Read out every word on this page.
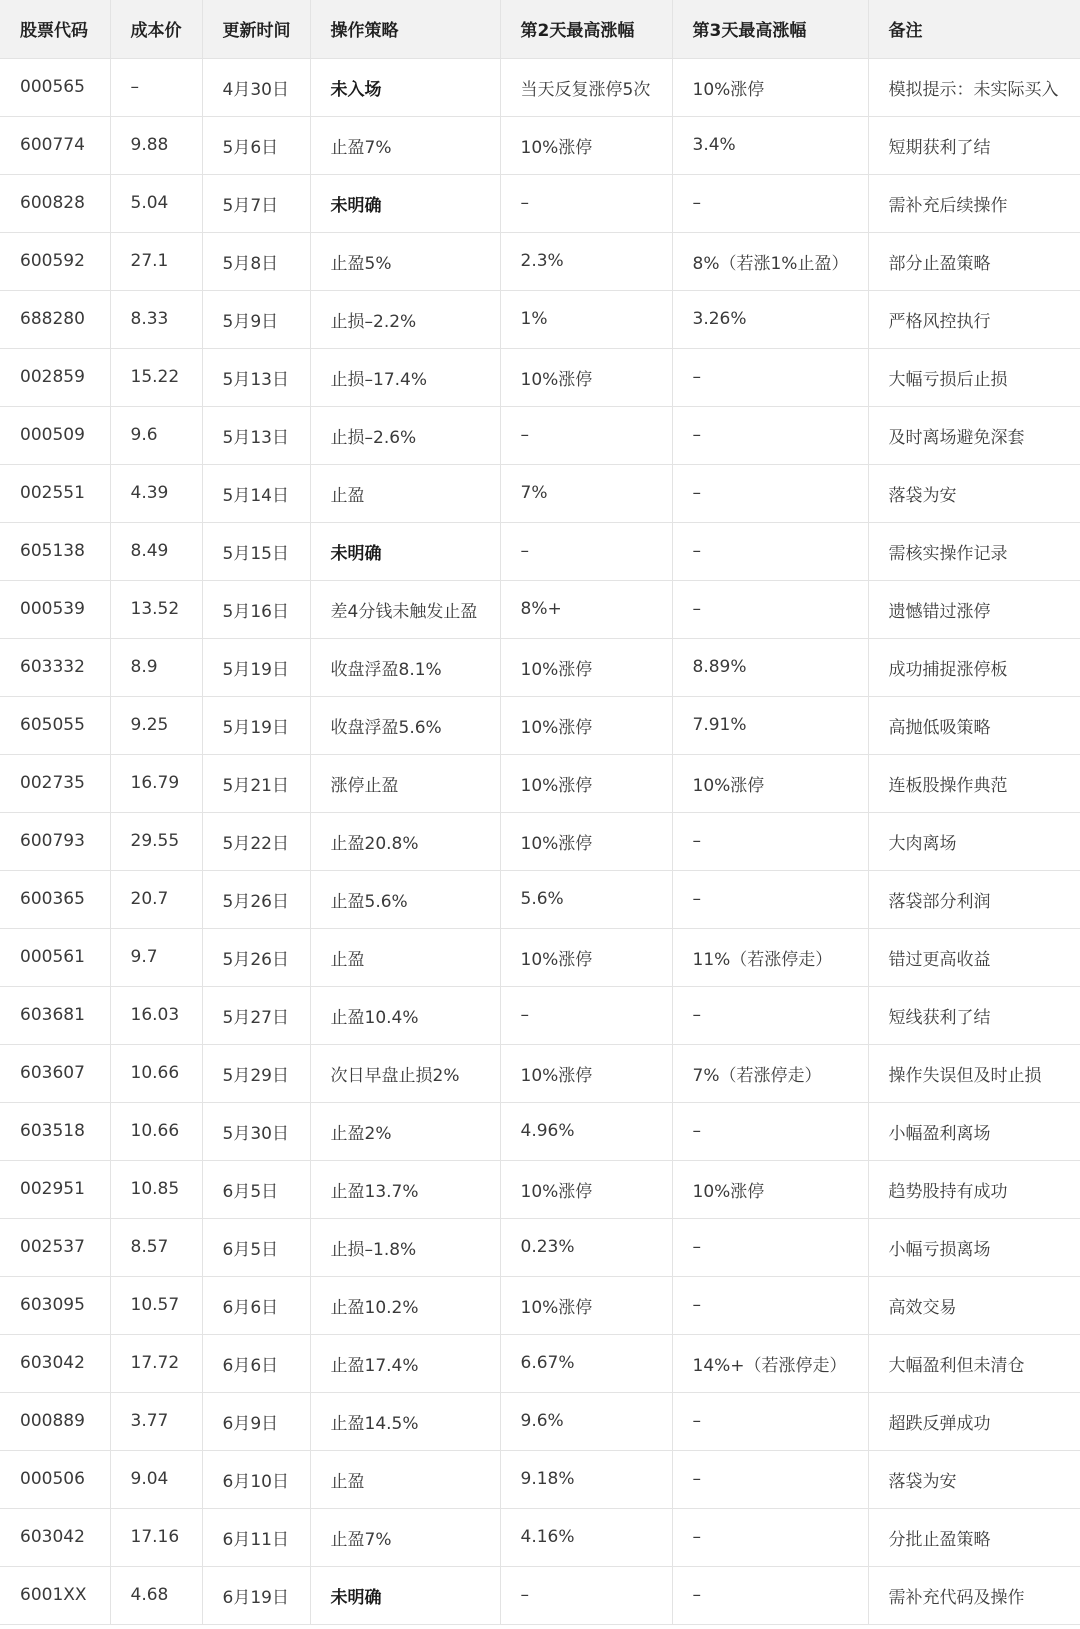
股票代码	成本价	更新时间	操作策略	第2天最高涨幅	第3天最高涨幅	备注
000565	–	4月30日	未入场	当天反复涨停5次	10%涨停	模拟提示：未实际买入
600774	9.88	5月6日	止盈7%	10%涨停	3.4%	短期获利了结
600828	5.04	5月7日	未明确	–	–	需补充后续操作
600592	27.1	5月8日	止盈5%	2.3%	8%（若涨1%止盈）	部分止盈策略
688280	8.33	5月9日	止损–2.2%	1%	3.26%	严格风控执行
002859	15.22	5月13日	止损–17.4%	10%涨停	–	大幅亏损后止损
000509	9.6	5月13日	止损–2.6%	–	–	及时离场避免深套
002551	4.39	5月14日	止盈	7%	–	落袋为安
605138	8.49	5月15日	未明确	–	–	需核实操作记录
000539	13.52	5月16日	差4分钱未触发止盈	8%+	–	遗憾错过涨停
603332	8.9	5月19日	收盘浮盈8.1%	10%涨停	8.89%	成功捕捉涨停板
605055	9.25	5月19日	收盘浮盈5.6%	10%涨停	7.91%	高抛低吸策略
002735	16.79	5月21日	涨停止盈	10%涨停	10%涨停	连板股操作典范
600793	29.55	5月22日	止盈20.8%	10%涨停	–	大肉离场
600365	20.7	5月26日	止盈5.6%	5.6%	–	落袋部分利润
000561	9.7	5月26日	止盈	10%涨停	11%（若涨停走）	错过更高收益
603681	16.03	5月27日	止盈10.4%	–	–	短线获利了结
603607	10.66	5月29日	次日早盘止损2%	10%涨停	7%（若涨停走）	操作失误但及时止损
603518	10.66	5月30日	止盈2%	4.96%	–	小幅盈利离场
002951	10.85	6月5日	止盈13.7%	10%涨停	10%涨停	趋势股持有成功
002537	8.57	6月5日	止损–1.8%	0.23%	–	小幅亏损离场
603095	10.57	6月6日	止盈10.2%	10%涨停	–	高效交易
603042	17.72	6月6日	止盈17.4%	6.67%	14%+（若涨停走）	大幅盈利但未清仓
000889	3.77	6月9日	止盈14.5%	9.6%	–	超跌反弹成功
000506	9.04	6月10日	止盈	9.18%	–	落袋为安
603042	17.16	6月11日	止盈7%	4.16%	–	分批止盈策略
6001XX	4.68	6月19日	未明确	–	–	需补充代码及操作
